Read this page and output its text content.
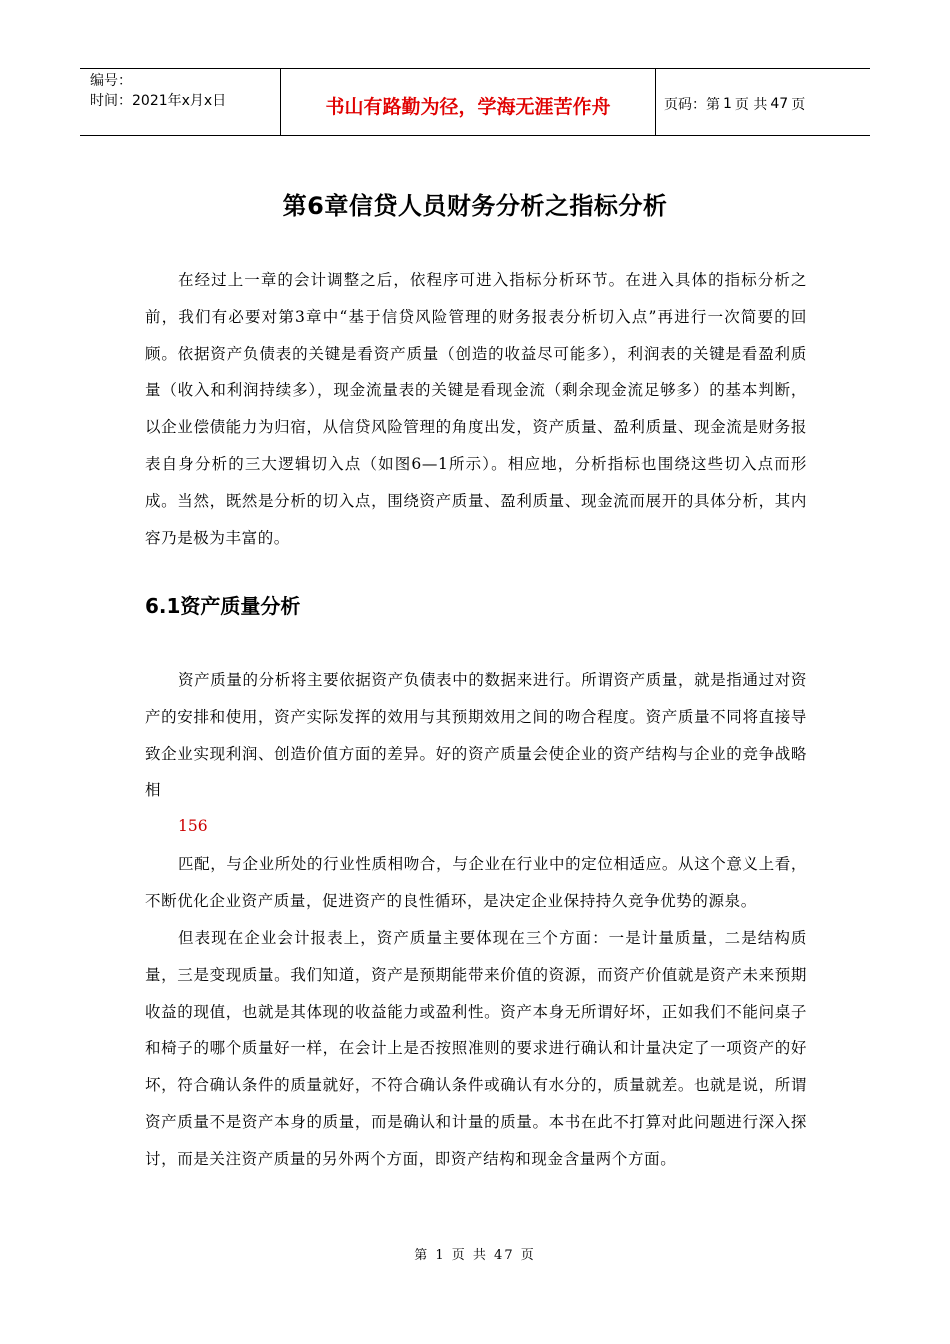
编号：
时间：2021年x月x日	书山有路勤为径，学海无涯苦作舟	页码：第 1 页 共 47 页
第6章信贷人员财务分析之指标分析

在经过上一章的会计调整之后，依程序可进入指标分析环节。在进入具体的指标分析之前，我们有必要对第3章中“基于信贷风险管理的财务报表分析切入点”再进行一次简要的回顾。依据资产负债表的关键是看资产质量（创造的收益尽可能多），利润表的关键是看盈利质量（收入和利润持续多），现金流量表的关键是看现金流（剩余现金流足够多）的基本判断，以企业偿债能力为归宿，从信贷风险管理的角度出发，资产质量、盈利质量、现金流是财务报表自身分析的三大逻辑切入点（如图6—1所示）。相应地，分析指标也围绕这些切入点而形成。当然，既然是分析的切入点，围绕资产质量、盈利质量、现金流而展开的具体分析，其内容乃是极为丰富的。

6.1资产质量分析

资产质量的分析将主要依据资产负债表中的数据来进行。所谓资产质量，就是指通过对资产的安排和使用，资产实际发挥的效用与其预期效用之间的吻合程度。资产质量不同将直接导致企业实现利润、创造价值方面的差异。好的资产质量会使企业的资产结构与企业的竞争战略相

156

匹配，与企业所处的行业性质相吻合，与企业在行业中的定位相适应。从这个意义上看，不断优化企业资产质量，促进资产的良性循环，是决定企业保持持久竞争优势的源泉。

但表现在企业会计报表上，资产质量主要体现在三个方面：一是计量质量，二是结构质量，三是变现质量。我们知道，资产是预期能带来价值的资源，而资产价值就是资产未来预期收益的现值，也就是其体现的收益能力或盈利性。资产本身无所谓好坏，正如我们不能问桌子和椅子的哪个质量好一样，在会计上是否按照准则的要求进行确认和计量决定了一项资产的好坏，符合确认条件的质量就好，不符合确认条件或确认有水分的，质量就差。也就是说，所谓资产质量不是资产本身的质量，而是确认和计量的质量。本书在此不打算对此问题进行深入探讨，而是关注资产质量的另外两个方面，即资产结构和现金含量两个方面。

第 1 页 共 47 页
